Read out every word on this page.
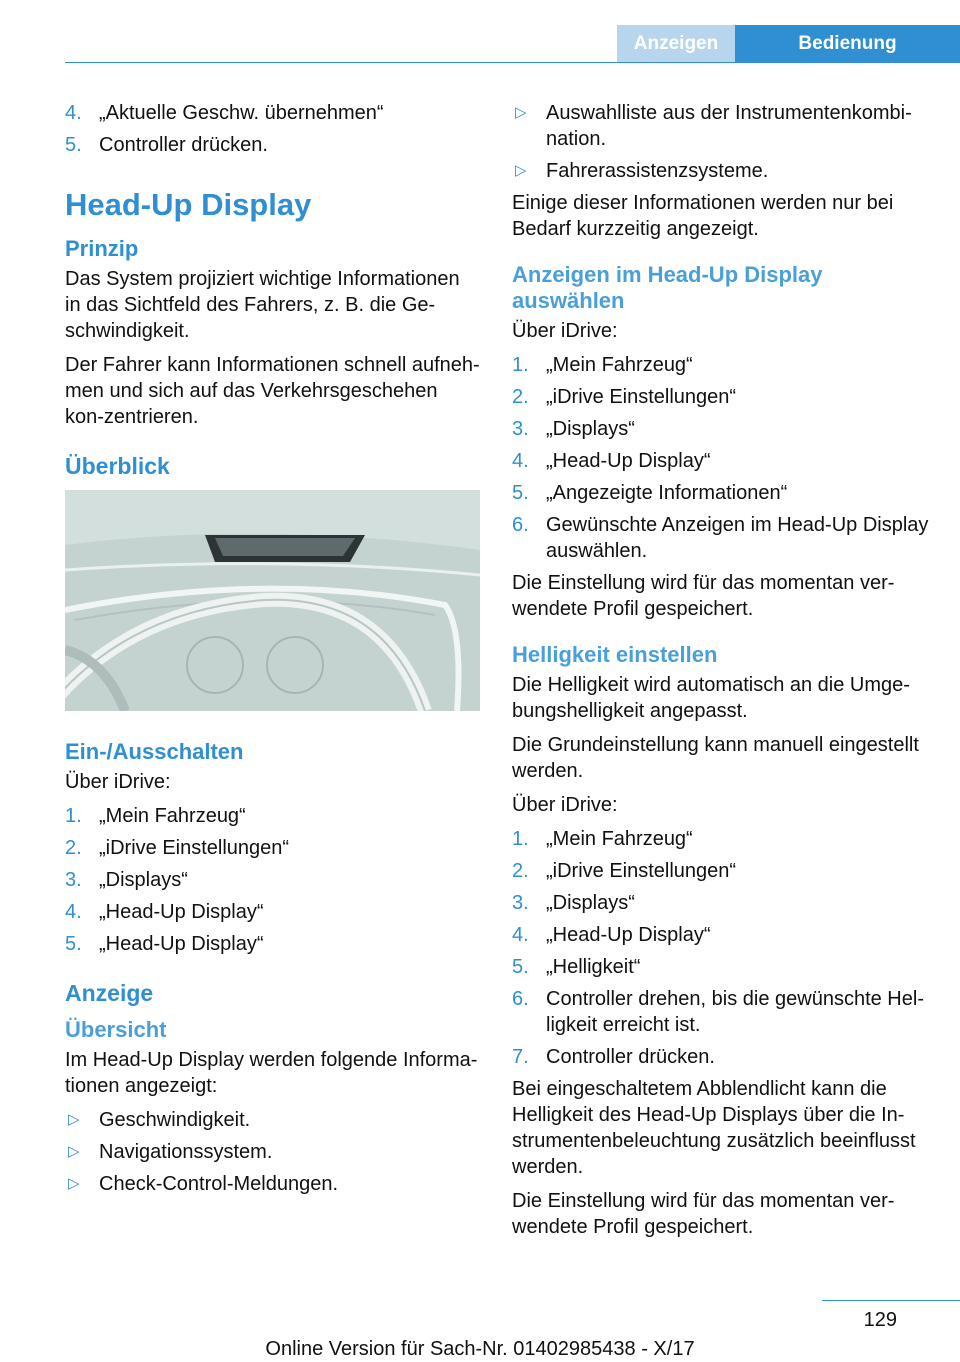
Anzeigen	Bedienung
4. „Aktuelle Geschw. übernehmen“
5. Controller drücken.
Head-Up Display
Prinzip

Das System projiziert wichtige Informationen in das Sichtfeld des Fahrers, z. B. die Ge-schwindigkeit.

Der Fahrer kann Informationen schnell aufneh-men und sich auf das Verkehrsgeschehen kon-zentrieren.

Überblick
Ein-/Ausschalten

Über iDrive:

1. „Mein Fahrzeug“
2. „iDrive Einstellungen“
3. „Displays“
4. „Head-Up Display“
5. „Head-Up Display“
Anzeige
Übersicht

Im Head-Up Display werden folgende Informa-tionen angezeigt:

▷ Geschwindigkeit.
▷ Navigationssystem.
▷ Check-Control-Meldungen.
▷ Auswahlliste aus der Instrumentenkombi-nation.
▷ Fahrerassistenzsysteme.

Einige dieser Informationen werden nur bei Bedarf kurzzeitig angezeigt.

Anzeigen im Head-Up Display auswählen

Über iDrive:

1. „Mein Fahrzeug“
2. „iDrive Einstellungen“
3. „Displays“
4. „Head-Up Display“
5. „Angezeigte Informationen“
6. Gewünschte Anzeigen im Head-Up Display auswählen.

Die Einstellung wird für das momentan ver-wendete Profil gespeichert.

Helligkeit einstellen

Die Helligkeit wird automatisch an die Umge-bungshelligkeit angepasst.

Die Grundeinstellung kann manuell eingestellt werden.

Über iDrive:

1. „Mein Fahrzeug“
2. „iDrive Einstellungen“
3. „Displays“
4. „Head-Up Display“
5. „Helligkeit“
6. Controller drehen, bis die gewünschte Hel-ligkeit erreicht ist.
7. Controller drücken.

Bei eingeschaltetem Abblendlicht kann die Helligkeit des Head-Up Displays über die In-strumentenbeleuchtung zusätzlich beeinflusst werden.

Die Einstellung wird für das momentan ver-wendete Profil gespeichert.

129
Online Version für Sach-Nr. 01402985438 - X/17
